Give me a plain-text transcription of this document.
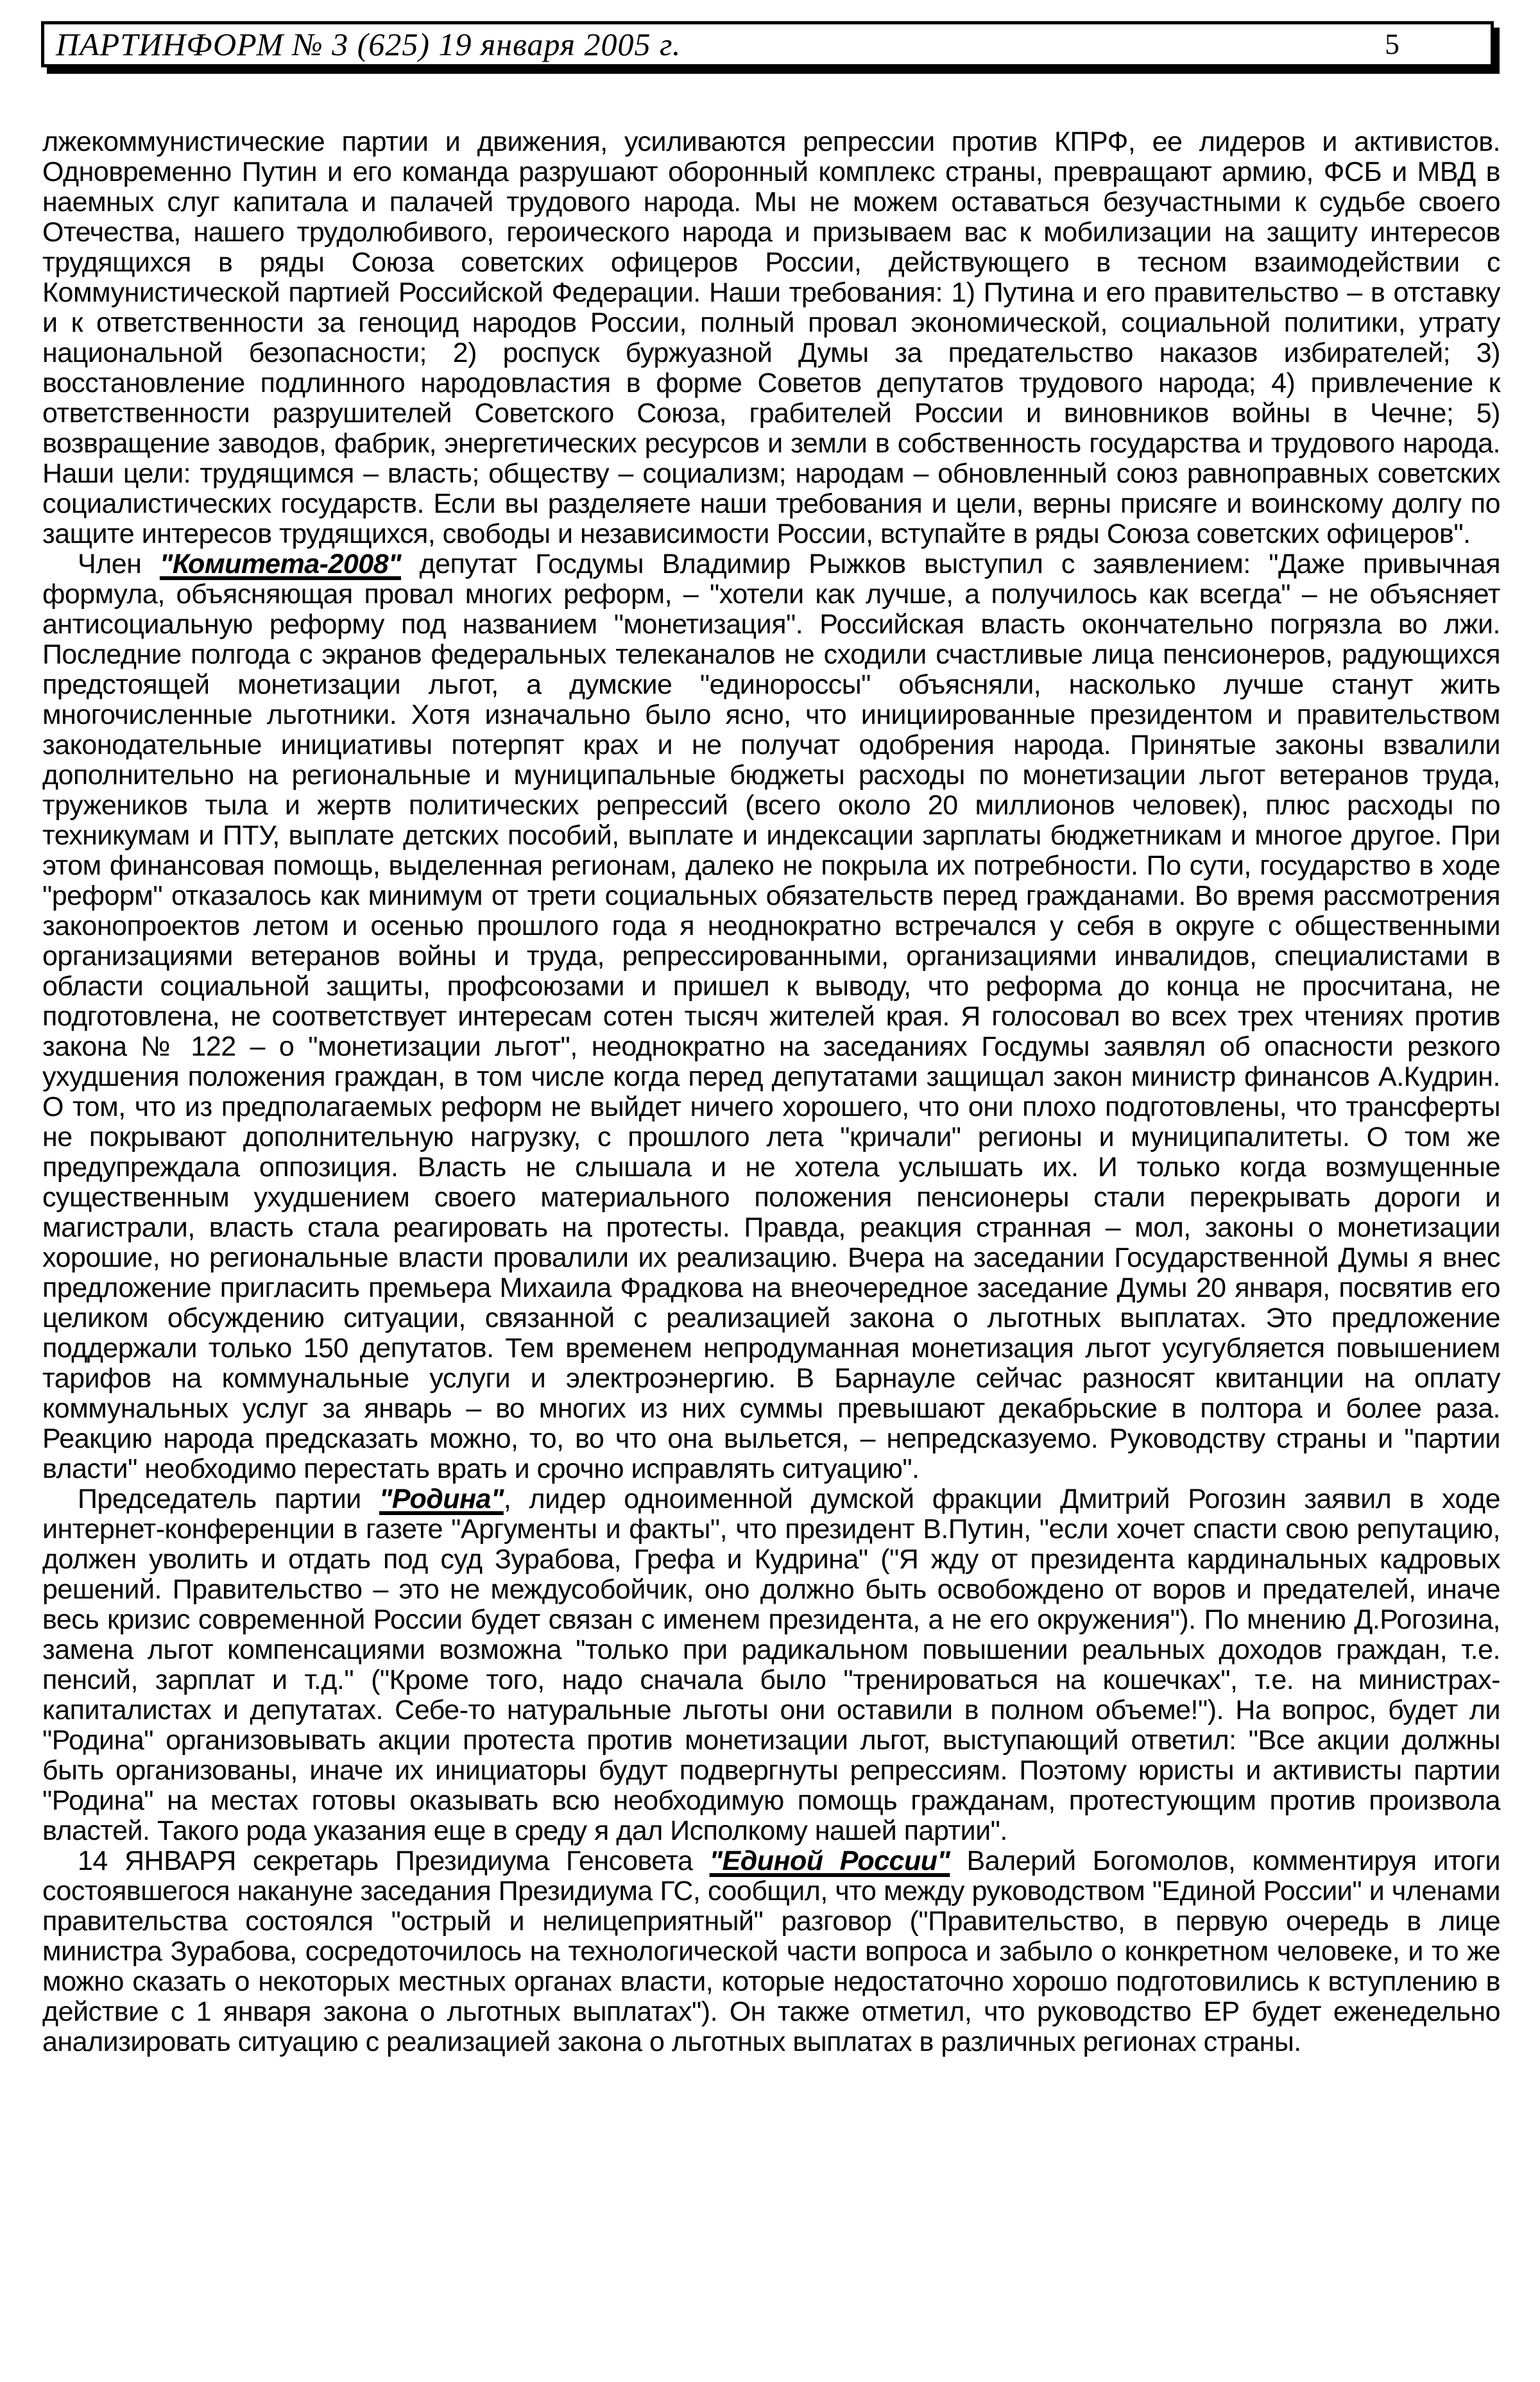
ПАРТИНФОРМ № 3 (625) 19 января 2005 г.	5

лжекоммунистические партии и движения, усиливаются репрессии против КПРФ, ее лидеров и активистов. Одновременно Путин и его команда разрушают оборонный комплекс страны, превращают армию, ФСБ и МВД в наемных слуг капитала и палачей трудового народа. Мы не можем оставаться безучастными к судьбе своего Отечества, нашего трудолюбивого, героического народа и призываем вас к мобилизации на защиту интересов трудящихся в ряды Союза советских офицеров России, действующего в тесном взаимодействии с Коммунистической партией Российской Федерации. Наши требования: 1) Путина и его правительство – в отставку и к ответственности за геноцид народов России, полный провал экономической, социальной политики, утрату национальной безопасности; 2) роспуск буржуазной Думы за предательство наказов избирателей; 3) восстановление подлинного народовластия в форме Советов депутатов трудового народа; 4) привлечение к ответственности разрушителей Советского Союза, грабителей России и виновников войны в Чечне; 5) возвращение заводов, фабрик, энергетических ресурсов и земли в собственность государства и трудового народа. Наши цели: трудящимся – власть; обществу – социализм; народам – обновленный союз равноправных советских социалистических государств. Если вы разделяете наши требования и цели, верны присяге и воинскому долгу по защите интересов трудящихся, свободы и независимости России, вступайте в ряды Союза советских офицеров".

Член "Комитета-2008" депутат Госдумы Владимир Рыжков выступил с заявлением: "Даже привычная формула, объясняющая провал многих реформ, – "хотели как лучше, а получилось как всегда" – не объясняет антисоциальную реформу под названием "монетизация". Российская власть окончательно погрязла во лжи. Последние полгода с экранов федеральных телеканалов не сходили счастливые лица пенсионеров, радующихся предстоящей монетизации льгот, а думские "единороссы" объясняли, насколько лучше станут жить многочисленные льготники. Хотя изначально было ясно, что инициированные президентом и правительством законодательные инициативы потерпят крах и не получат одобрения народа. Принятые законы взвалили дополнительно на региональные и муниципальные бюджеты расходы по монетизации льгот ветеранов труда, тружеников тыла и жертв политических репрессий (всего около 20 миллионов человек), плюс расходы по техникумам и ПТУ, выплате детских пособий, выплате и индексации зарплаты бюджетникам и многое другое. При этом финансовая помощь, выделенная регионам, далеко не покрыла их потребности. По сути, государство в ходе "реформ" отказалось как минимум от трети социальных обязательств перед гражданами. Во время рассмотрения законопроектов летом и осенью прошлого года я неоднократно встречался у себя в округе с общественными организациями ветеранов войны и труда, репрессированными, организациями инвалидов, специалистами в области социальной защиты, профсоюзами и пришел к выводу, что реформа до конца не просчитана, не подготовлена, не соответствует интересам сотен тысяч жителей края. Я голосовал во всех трех чтениях против закона № 122 – о "монетизации льгот", неоднократно на заседаниях Госдумы заявлял об опасности резкого ухудшения положения граждан, в том числе когда перед депутатами защищал закон министр финансов А.Кудрин. О том, что из предполагаемых реформ не выйдет ничего хорошего, что они плохо подготовлены, что трансферты не покрывают дополнительную нагрузку, с прошлого лета "кричали" регионы и муниципалитеты. О том же предупреждала оппозиция. Власть не слышала и не хотела услышать их. И только когда возмущенные существенным ухудшением своего материального положения пенсионеры стали перекрывать дороги и магистрали, власть стала реагировать на протесты. Правда, реакция странная – мол, законы о монетизации хорошие, но региональные власти провалили их реализацию. Вчера на заседании Государственной Думы я внес предложение пригласить премьера Михаила Фрадкова на внеочередное заседание Думы 20 января, посвятив его целиком обсуждению ситуации, связанной с реализацией закона о льготных выплатах. Это предложение поддержали только 150 депутатов. Тем временем непродуманная монетизация льгот усугубляется повышением тарифов на коммунальные услуги и электроэнергию. В Барнауле сейчас разносят квитанции на оплату коммунальных услуг за январь – во многих из них суммы превышают декабрьские в полтора и более раза. Реакцию народа предсказать можно, то, во что она выльется, – непредсказуемо. Руководству страны и "партии власти" необходимо перестать врать и срочно исправлять ситуацию".

Председатель партии "Родина", лидер одноименной думской фракции Дмитрий Рогозин заявил в ходе интернет-конференции в газете "Аргументы и факты", что президент В.Путин, "если хочет спасти свою репутацию, должен уволить и отдать под суд Зурабова, Грефа и Кудрина" ("Я жду от президента кардинальных кадровых решений. Правительство – это не междусобойчик, оно должно быть освобождено от воров и предателей, иначе весь кризис современной России будет связан с именем президента, а не его окружения"). По мнению Д.Рогозина, замена льгот компенсациями возможна "только при радикальном повышении реальных доходов граждан, т.е. пенсий, зарплат и т.д." ("Кроме того, надо сначала было "тренироваться на кошечках", т.е. на министрах-капиталистах и депутатах. Себе-то натуральные льготы они оставили в полном объеме!"). На вопрос, будет ли "Родина" организовывать акции протеста против монетизации льгот, выступающий ответил: "Все акции должны быть организованы, иначе их инициаторы будут подвергнуты репрессиям. Поэтому юристы и активисты партии "Родина" на местах готовы оказывать всю необходимую помощь гражданам, протестующим против произвола властей. Такого рода указания еще в среду я дал Исполкому нашей партии".

14 ЯНВАРЯ секретарь Президиума Генсовета "Единой России" Валерий Богомолов, комментируя итоги состоявшегося накануне заседания Президиума ГС, сообщил, что между руководством "Единой России" и членами правительства состоялся "острый и нелицеприятный" разговор ("Правительство, в первую очередь в лице министра Зурабова, сосредоточилось на технологической части вопроса и забыло о конкретном человеке, и то же можно сказать о некоторых местных органах власти, которые недостаточно хорошо подготовились к вступлению в действие с 1 января закона о льготных выплатах"). Он также отметил, что руководство ЕР будет еженедельно анализировать ситуацию с реализацией закона о льготных выплатах в различных регионах страны.
